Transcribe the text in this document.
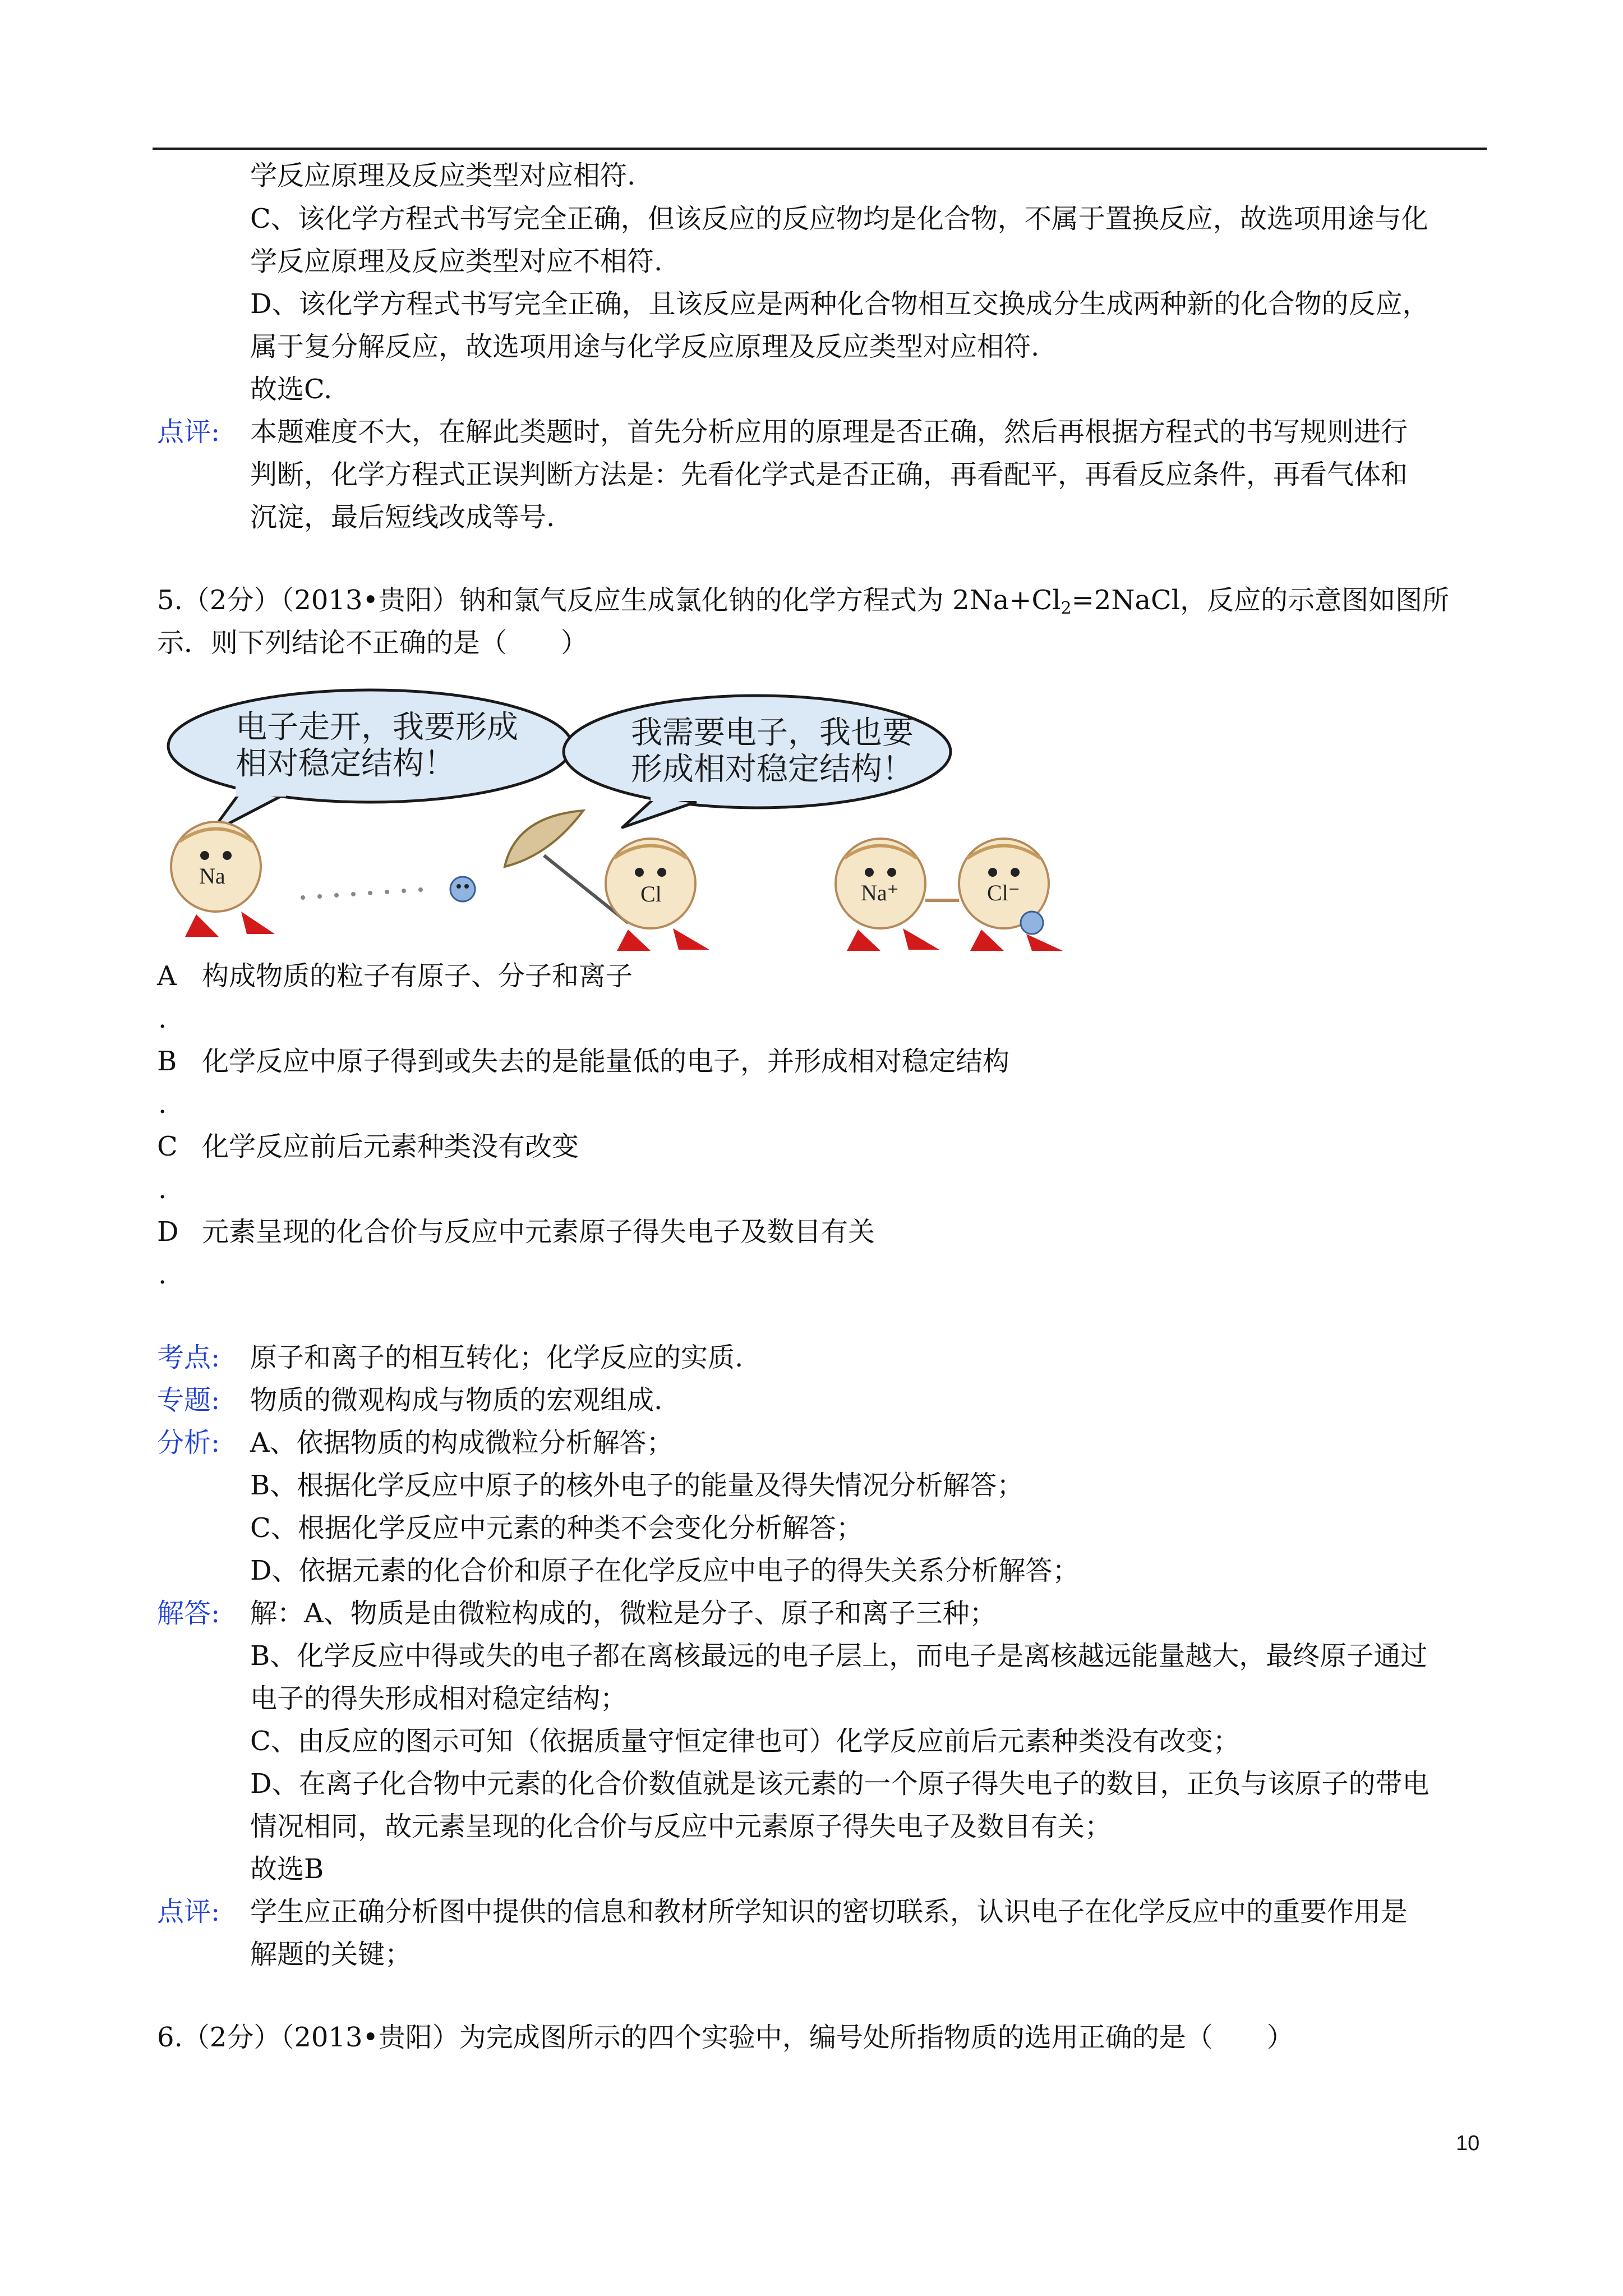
学反应原理及反应类型对应相符.
C、该化学方程式书写完全正确，但该反应的反应物均是化合物，不属于置换反应，故选项用途与化
学反应原理及反应类型对应不相符.
D、该化学方程式书写完全正确，且该反应是两种化合物相互交换成分生成两种新的化合物的反应，
属于复分解反应，故选项用途与化学反应原理及反应类型对应相符.
故选C.
点评: 本题难度不大，在解此类题时，首先分析应用的原理是否正确，然后再根据方程式的书写规则进行
判断，化学方程式正误判断方法是：先看化学式是否正确，再看配平，再看反应条件，再看气体和
沉淀，最后短线改成等号.
5.（2分）（2013•贵阳）钠和氯气反应生成氯化钠的化学方程式为 $2Na+Cl_2=2NaCl$，反应的示意图如图所
示．则下列结论不正确的是（　　）
电子走开，我要形成
相对稳定结构！
我需要电子，我也要
形成相对稳定结构！
Na
Cl	Na⁺	Cl⁻
A 构成物质的粒子有原子、分子和离子
.
B 化学反应中原子得到或失去的是能量低的电子，并形成相对稳定结构
.
C 化学反应前后元素种类没有改变
.
D 元素呈现的化合价与反应中元素原子得失电子及数目有关
.
考点: 原子和离子的相互转化；化学反应的实质.
专题: 物质的微观构成与物质的宏观组成.
分析: A、依据物质的构成微粒分析解答；
B、根据化学反应中原子的核外电子的能量及得失情况分析解答；
C、根据化学反应中元素的种类不会变化分析解答；
D、依据元素的化合价和原子在化学反应中电子的得失关系分析解答；
解答: 解：A、物质是由微粒构成的，微粒是分子、原子和离子三种；
B、化学反应中得或失的电子都在离核最远的电子层上，而电子是离核越远能量越大，最终原子通过
电子的得失形成相对稳定结构；
C、由反应的图示可知（依据质量守恒定律也可）化学反应前后元素种类没有改变；
D、在离子化合物中元素的化合价数值就是该元素的一个原子得失电子的数目，正负与该原子的带电
情况相同，故元素呈现的化合价与反应中元素原子得失电子及数目有关；
故选B
点评: 学生应正确分析图中提供的信息和教材所学知识的密切联系，认识电子在化学反应中的重要作用是
解题的关键；
6.（2分）（2013•贵阳）为完成图所示的四个实验中，编号处所指物质的选用正确的是（　　）
10
